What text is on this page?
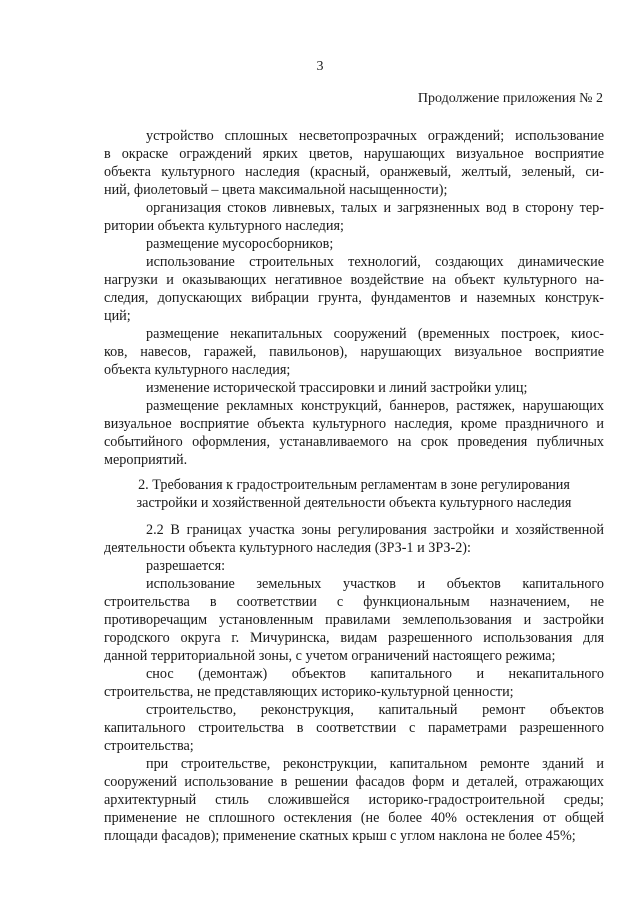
3
Продолжение приложения № 2
устройство сплошных несветопрозрачных ограждений; использование
в окраске ограждений ярких цветов, нарушающих визуальное восприятие
объекта культурного наследия (красный, оранжевый, желтый, зеленый, си-
ний, фиолетовый – цвета максимальной насыщенности);
организация стоков ливневых, талых и загрязненных вод в сторону тер-
ритории объекта культурного наследия;
размещение мусоросборников;
использование строительных технологий, создающих динамические
нагрузки и оказывающих негативное воздействие на объект культурного на-
следия, допускающих вибрации грунта, фундаментов и наземных конструк-
ций;
размещение некапитальных сооружений (временных построек, киос-
ков, навесов, гаражей, павильонов), нарушающих визуальное восприятие
объекта культурного наследия;
изменение исторической трассировки и линий застройки улиц;
размещение рекламных конструкций, баннеров, растяжек, нарушающих
визуальное восприятие объекта культурного наследия, кроме праздничного и
событийного оформления, устанавливаемого на срок проведения публичных
мероприятий.
2. Требования к градостроительным регламентам в зоне регулирования
застройки и хозяйственной деятельности объекта культурного наследия
2.2 В границах участка зоны регулирования застройки и хозяйственной
деятельности объекта культурного наследия (ЗРЗ-1 и ЗРЗ-2):
разрешается:
использование земельных участков и объектов капитального
строительства в соответствии с функциональным назначением, не
противоречащим установленным правилами землепользования и застройки
городского округа г. Мичуринска, видам разрешенного использования для
данной территориальной зоны, с учетом ограничений настоящего режима;
снос (демонтаж) объектов капитального и некапитального
строительства, не представляющих историко-культурной ценности;
строительство, реконструкция, капитальный ремонт объектов
капитального строительства в соответствии с параметрами разрешенного
строительства;
при строительстве, реконструкции, капитальном ремонте зданий и
сооружений использование в решении фасадов форм и деталей, отражающих
архитектурный стиль сложившейся историко-градостроительной среды;
применение не сплошного остекления (не более 40% остекления от общей
площади фасадов); применение скатных крыш с углом наклона не более 45%;
